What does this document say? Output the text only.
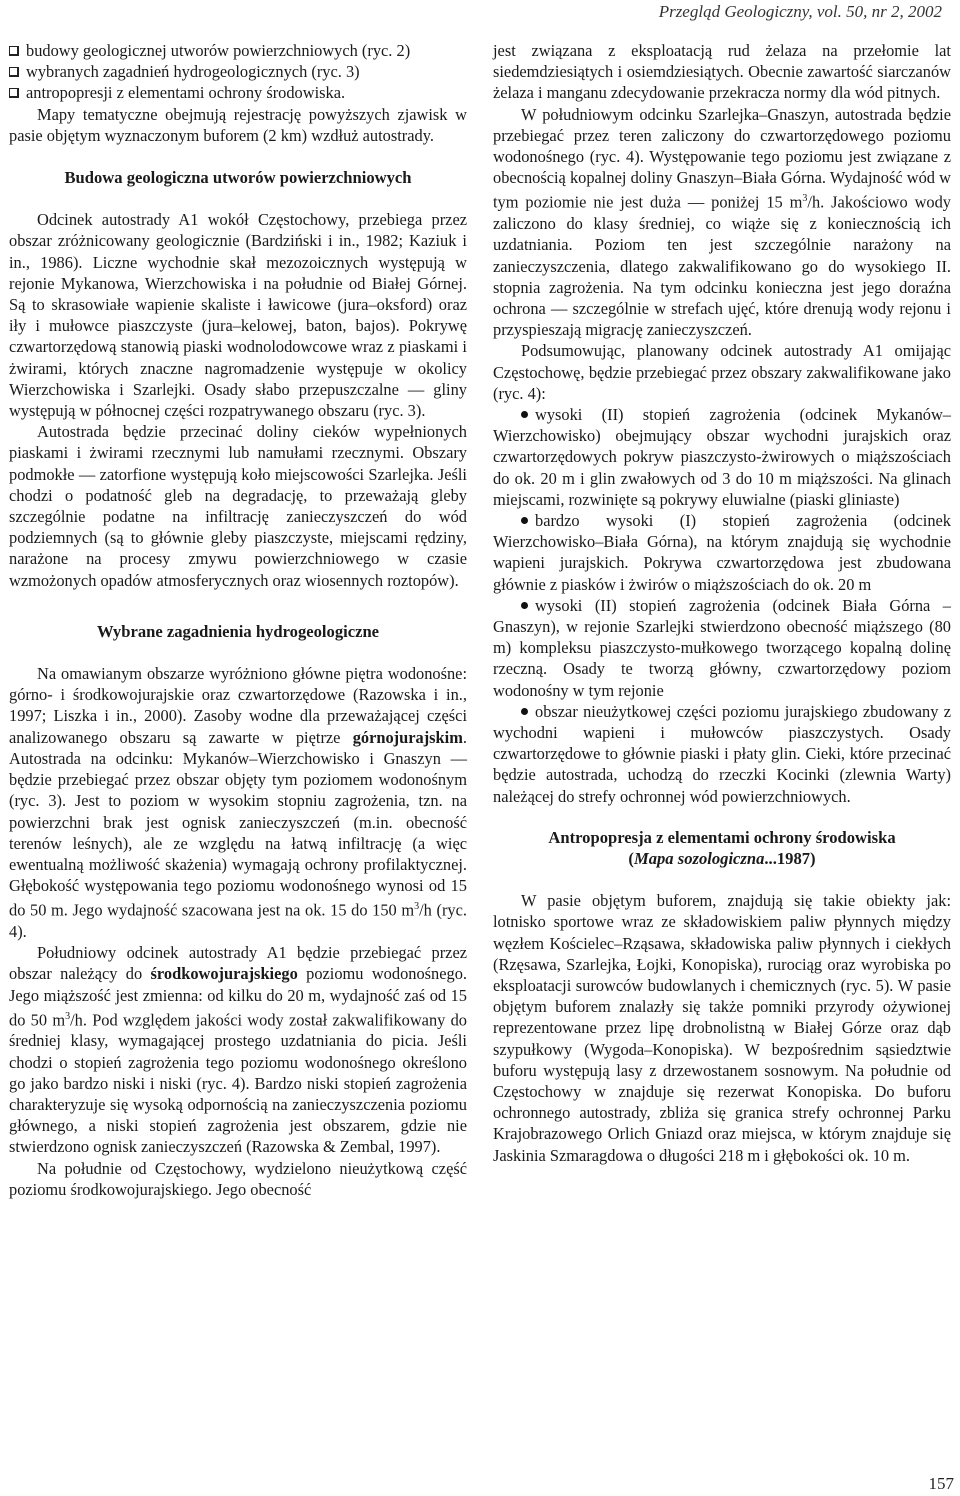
Przegląd Geologiczny, vol. 50, nr 2, 2002

budowy geologicznej utworów powierzchniowych (ryc. 2)

wybranych zagadnień hydrogeologicznych (ryc. 3)

antropopresji z elementami ochrony środowiska.

Mapy tematyczne obejmują rejestrację powyższych zjawisk w pasie objętym wyznaczonym buforem (2 km) wzdłuż autostrady.

Budowa geologiczna utworów powierzchniowych

Odcinek autostrady A1 wokół Częstochowy, przebiega przez obszar zróżnicowany geologicznie (Bardziński i in., 1982; Kaziuk i in., 1986). Liczne wychodnie skał mezozoicznych występują w rejonie Mykanowa, Wierzchowiska i na południe od Białej Górnej. Są to skrasowiałe wapienie skaliste i ławicowe (jura–oksford) oraz iły i mułowce piaszczyste (jura–kelowej, baton, bajos). Pokrywę czwartorzędową stanowią piaski wodnolodowcowe wraz z piaskami i żwirami, których znaczne nagromadzenie występuje w okolicy Wierzchowiska i Szarlejki. Osady słabo przepuszczalne — gliny występują w północnej części rozpatrywanego obszaru (ryc. 3).

Autostrada będzie przecinać doliny cieków wypełnionych piaskami i żwirami rzecznymi lub namułami rzecznymi. Obszary podmokłe — zatorfione występują koło miejscowości Szarlejka. Jeśli chodzi o podatność gleb na degradację, to przeważają gleby szczególnie podatne na infiltrację zanieczyszczeń do wód podziemnych (są to głównie gleby piaszczyste, miejscami rędziny, narażone na procesy zmywu powierzchniowego w czasie wzmożonych opadów atmosferycznych oraz wiosennych roztopów).

Wybrane zagadnienia hydrogeologiczne

Na omawianym obszarze wyróżniono główne piętra wodonośne: górno- i środkowojurajskie oraz czwartorzędowe (Razowska i in., 1997; Liszka i in., 2000). Zasoby wodne dla przeważającej części analizowanego obszaru są zawarte w piętrze górnojurajskim. Autostrada na odcinku: Mykanów–Wierzchowisko i Gnaszyn — będzie przebiegać przez obszar objęty tym poziomem wodonośnym (ryc. 3). Jest to poziom w wysokim stopniu zagrożenia, tzn. na powierzchni brak jest ognisk zanieczyszczeń (m.in. obecność terenów leśnych), ale ze względu na łatwą infiltrację (a więc ewentualną możliwość skażenia) wymagają ochrony profilaktycznej. Głębokość występowania tego poziomu wodonośnego wynosi od 15 do 50 m. Jego wydajność szacowana jest na ok. 15 do 150 $m^3/h$ (ryc. 4).

Południowy odcinek autostrady A1 będzie przebiegać przez obszar należący do środkowojurajskiego poziomu wodonośnego. Jego miąższość jest zmienna: od kilku do 20 m, wydajność zaś od 15 do 50 $m^3/h$. Pod względem jakości wody został zakwalifikowany do średniej klasy, wymagającej prostego uzdatniania do picia. Jeśli chodzi o stopień zagrożenia tego poziomu wodonośnego określono go jako bardzo niski i niski (ryc. 4). Bardzo niski stopień zagrożenia charakteryzuje się wysoką odpornością na zanieczyszczenia poziomu głównego, a niski stopień zagrożenia jest obszarem, gdzie nie stwierdzono ognisk zanieczyszczeń (Razowska & Zembal, 1997).

Na południe od Częstochowy, wydzielono nieużytkową część poziomu środkowojurajskiego. Jego obecność

jest związana z eksploatacją rud żelaza na przełomie lat siedemdziesiątych i osiemdziesiątych. Obecnie zawartość siarczanów żelaza i manganu zdecydowanie przekracza normy dla wód pitnych.

W południowym odcinku Szarlejka–Gnaszyn, autostrada będzie przebiegać przez teren zaliczony do czwartorzędowego poziomu wodonośnego (ryc. 4). Występowanie tego poziomu jest związane z obecnością kopalnej doliny Gnaszyn–Biała Górna. Wydajność wód w tym poziomie nie jest duża — poniżej 15 $m^3/h$. Jakościowo wody zaliczono do klasy średniej, co wiąże się z koniecznością ich uzdatniania. Poziom ten jest szczególnie narażony na zanieczyszczenia, dlatego zakwalifikowano go do wysokiego II. stopnia zagrożenia. Na tym odcinku konieczna jest jego doraźna ochrona — szczególnie w strefach ujęć, które drenują wody rejonu i przyspieszają migrację zanieczyszczeń.

Podsumowując, planowany odcinek autostrady A1 omijając Częstochowę, będzie przebiegać przez obszary zakwalifikowane jako (ryc. 4):

wysoki (II) stopień zagrożenia (odcinek Mykanów–Wierzchowisko) obejmujący obszar wychodni jurajskich oraz czwartorzędowych pokryw piaszczysto-żwirowych o miąższościach do ok. 20 m i glin zwałowych od 3 do 10 m miąższości. Na glinach miejscami, rozwinięte są pokrywy eluwialne (piaski gliniaste)

bardzo wysoki (I) stopień zagrożenia (odcinek Wierzchowisko–Biała Górna), na którym znajdują się wychodnie wapieni jurajskich. Pokrywa czwartorzędowa jest zbudowana głównie z piasków i żwirów o miąższościach do ok. 20 m

wysoki (II) stopień zagrożenia (odcinek Biała Górna –Gnaszyn), w rejonie Szarlejki stwierdzono obecność miąższego (80 m) kompleksu piaszczysto-mułkowego tworzącego kopalną dolinę rzeczną. Osady te tworzą główny, czwartorzędowy poziom wodonośny w tym rejonie

obszar nieużytkowej części poziomu jurajskiego zbudowany z wychodni wapieni i mułowców piaszczystych. Osady czwartorzędowe to głównie piaski i płaty glin. Cieki, które przecinać będzie autostrada, uchodzą do rzeczki Kocinki (zlewnia Warty) należącej do strefy ochronnej wód powierzchniowych.

Antropopresja z elementami ochrony środowiska
(Mapa sozologiczna...1987)

W pasie objętym buforem, znajdują się takie obiekty jak: lotnisko sportowe wraz ze składowiskiem paliw płynnych między węzłem Kościelec–Rząsawa, składowiska paliw płynnych i ciekłych (Rzęsawa, Szarlejka, Łojki, Konopiska), rurociąg oraz wyrobiska po eksploatacji surowców budowlanych i chemicznych (ryc. 5). W pasie objętym buforem znalazły się także pomniki przyrody ożywionej reprezentowane przez lipę drobnolistną w Białej Górze oraz dąb szypułkowy (Wygoda–Konopiska). W bezpośrednim sąsiedztwie buforu występują lasy z drzewostanem sosnowym. Na południe od Częstochowy w znajduje się rezerwat Konopiska. Do buforu ochronnego autostrady, zbliża się granica strefy ochronnej Parku Krajobrazowego Orlich Gniazd oraz miejsca, w którym znajduje się Jaskinia Szmaragdowa o długości 218 m i głębokości ok. 10 m.

157
